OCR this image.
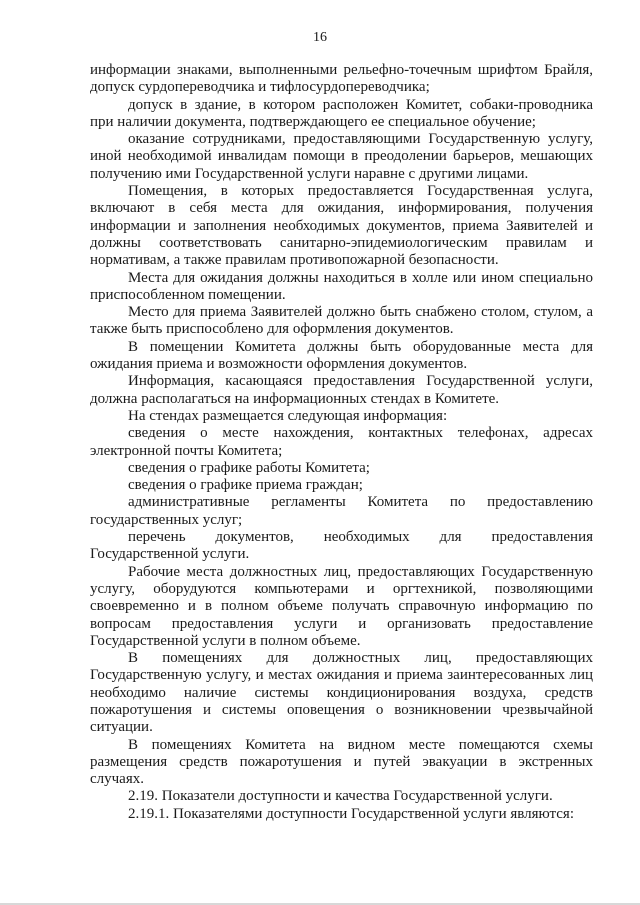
16

информации знаками, выполненными рельефно-точечным шрифтом Брайля, допуск сурдопереводчика и тифлосурдопереводчика;

допуск в здание, в котором расположен Комитет, собаки-проводника при наличии документа, подтверждающего ее специальное обучение;

оказание сотрудниками, предоставляющими Государственную услугу, иной необходимой инвалидам помощи в преодолении барьеров, мешающих получению ими Государственной услуги наравне с другими лицами.

Помещения, в которых предоставляется Государственная услуга, включают в себя места для ожидания, информирования, получения информации и заполнения необходимых документов, приема Заявителей и должны соответствовать санитарно-эпидемиологическим правилам и нормативам, а также правилам противопожарной безопасности.

Места для ожидания должны находиться в холле или ином специально приспособленном помещении.

Место для приема Заявителей должно быть снабжено столом, стулом, а также быть приспособлено для оформления документов.

В помещении Комитета должны быть оборудованные места для ожидания приема и возможности оформления документов.

Информация, касающаяся предоставления Государственной услуги, должна располагаться на информационных стендах в Комитете.

На стендах размещается следующая информация:

сведения о месте нахождения, контактных телефонах, адресах электронной почты Комитета;

сведения о графике работы Комитета;

сведения о графике приема граждан;

административные регламенты Комитета по предоставлению государственных услуг;

перечень документов, необходимых для предоставления Государственной услуги.

Рабочие места должностных лиц, предоставляющих Государственную услугу, оборудуются компьютерами и оргтехникой, позволяющими своевременно и в полном объеме получать справочную информацию по вопросам предоставления услуги и организовать предоставление Государственной услуги в полном объеме.

В помещениях для должностных лиц, предоставляющих Государственную услугу, и местах ожидания и приема заинтересованных лиц необходимо наличие системы кондиционирования воздуха, средств пожаротушения и системы оповещения о возникновении чрезвычайной ситуации.

В помещениях Комитета на видном месте помещаются схемы размещения средств пожаротушения и путей эвакуации в экстренных случаях.

2.19. Показатели доступности и качества Государственной услуги.

2.19.1. Показателями доступности Государственной услуги являются:
